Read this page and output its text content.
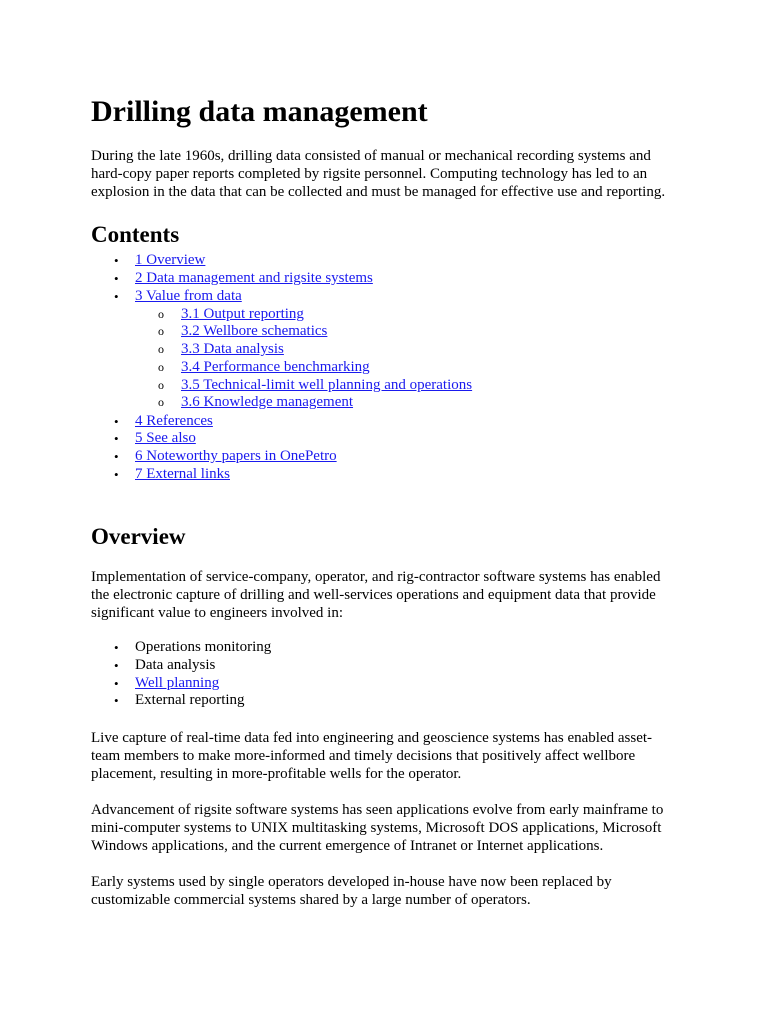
Drilling data management

During the late 1960s, drilling data consisted of manual or mechanical recording systems and hard-copy paper reports completed by rigsite personnel. Computing technology has led to an explosion in the data that can be collected and must be managed for effective use and reporting.

Contents
• 1 Overview
• 2 Data management and rigsite systems
• 3 Value from data
o 3.1 Output reporting
o 3.2 Wellbore schematics
o 3.3 Data analysis
o 3.4 Performance benchmarking
o 3.5 Technical-limit well planning and operations
o 3.6 Knowledge management
• 4 References
• 5 See also
• 6 Noteworthy papers in OnePetro
• 7 External links
Overview

Implementation of service-company, operator, and rig-contractor software systems has enabled the electronic capture of drilling and well-services operations and equipment data that provide significant value to engineers involved in:

• Operations monitoring
• Data analysis
• Well planning
• External reporting

Live capture of real-time data fed into engineering and geoscience systems has enabled asset-team members to make more-informed and timely decisions that positively affect wellbore placement, resulting in more-profitable wells for the operator.

Advancement of rigsite software systems has seen applications evolve from early mainframe to mini-computer systems to UNIX multitasking systems, Microsoft DOS applications, Microsoft Windows applications, and the current emergence of Intranet or Internet applications.

Early systems used by single operators developed in-house have now been replaced by customizable commercial systems shared by a large number of operators.
